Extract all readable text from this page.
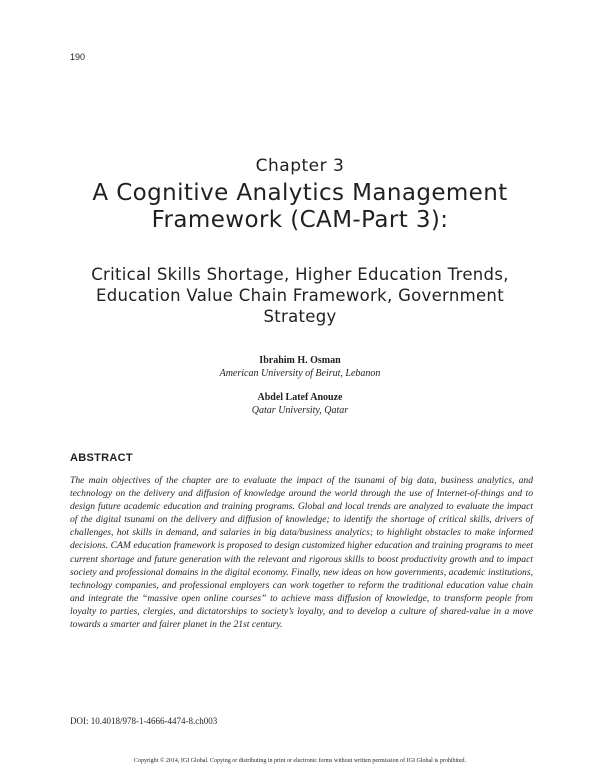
190
Chapter 3
A Cognitive Analytics Management Framework (CAM-Part 3):
Critical Skills Shortage, Higher Education Trends, Education Value Chain Framework, Government Strategy
Ibrahim H. Osman
American University of Beirut, Lebanon
Abdel Latef Anouze
Qatar University, Qatar
ABSTRACT

The main objectives of the chapter are to evaluate the impact of the tsunami of big data, business analytics, and technology on the delivery and diffusion of knowledge around the world through the use of Internet-of-things and to design future academic education and training programs. Global and local trends are analyzed to evaluate the impact of the digital tsunami on the delivery and diffusion of knowledge; to identify the shortage of critical skills, drivers of challenges, hot skills in demand, and salaries in big data/business analytics; to highlight obstacles to make informed decisions. CAM education framework is proposed to design customized higher education and training programs to meet current shortage and future generation with the relevant and rigorous skills to boost productivity growth and to impact society and professional domains in the digital economy. Finally, new ideas on how governments, academic institutions, technology companies, and professional employers can work together to reform the traditional education value chain and integrate the “massive open online courses” to achieve mass diffusion of knowledge, to transform people from loyalty to parties, clergies, and dictatorships to society’s loyalty, and to develop a culture of shared-value in a move towards a smarter and fairer planet in the 21st century.

DOI: 10.4018/978-1-4666-4474-8.ch003
Copyright © 2014, IGI Global. Copying or distributing in print or electronic forms without written permission of IGI Global is prohibited.
